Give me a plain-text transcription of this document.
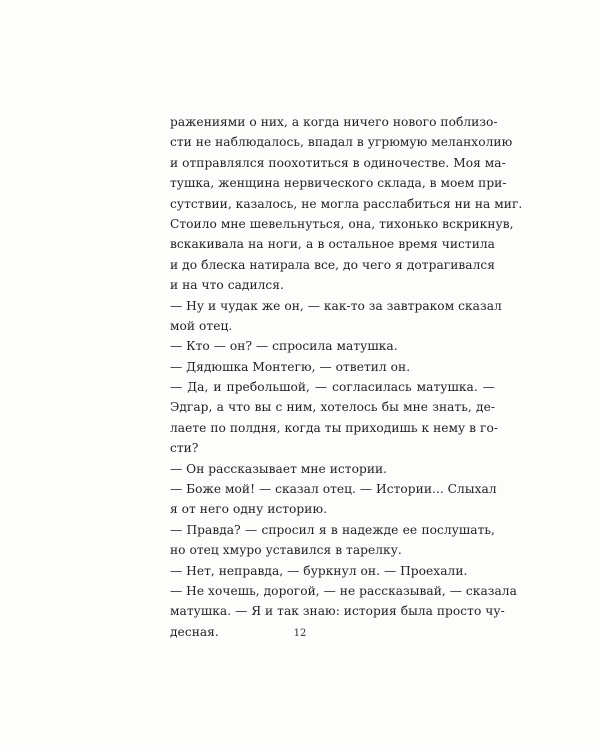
ражениями о них, а когда ничего нового поблизо-
сти не наблюдалось, впадал в угрюмую меланхолию
и отправлялся поохотиться в одиночестве. Моя ма-
тушка, женщина нервического склада, в моем при-
сутствии, казалось, не могла расслабиться ни на миг.
Стоило мне шевельнуться, она, тихонько вскрикнув,
вскакивала на ноги, а в остальное время чистила
и до блеска натирала все, до чего я дотрагивался
и на что садился.
— Ну и чудак же он, — как-то за завтраком сказал
мой отец.
— Кто — он? — спросила матушка.
— Дядюшка Монтегю, — ответил он.
— Да, и пребольшой, — согласилась матушка. —
Эдгар, а что вы с ним, хотелось бы мне знать, де-
лаете по полдня, когда ты приходишь к нему в го-
сти?
— Он рассказывает мне истории.
— Боже мой! — сказал отец. — Истории... Слыхал
я от него одну историю.
— Правда? — спросил я в надежде ее послушать,
но отец хмуро уставился в тарелку.
— Нет, неправда, — буркнул он. — Проехали.
— Не хочешь, дорогой, — не рассказывай, — сказала
матушка. — Я и так знаю: история была просто чу-
десная.	12
